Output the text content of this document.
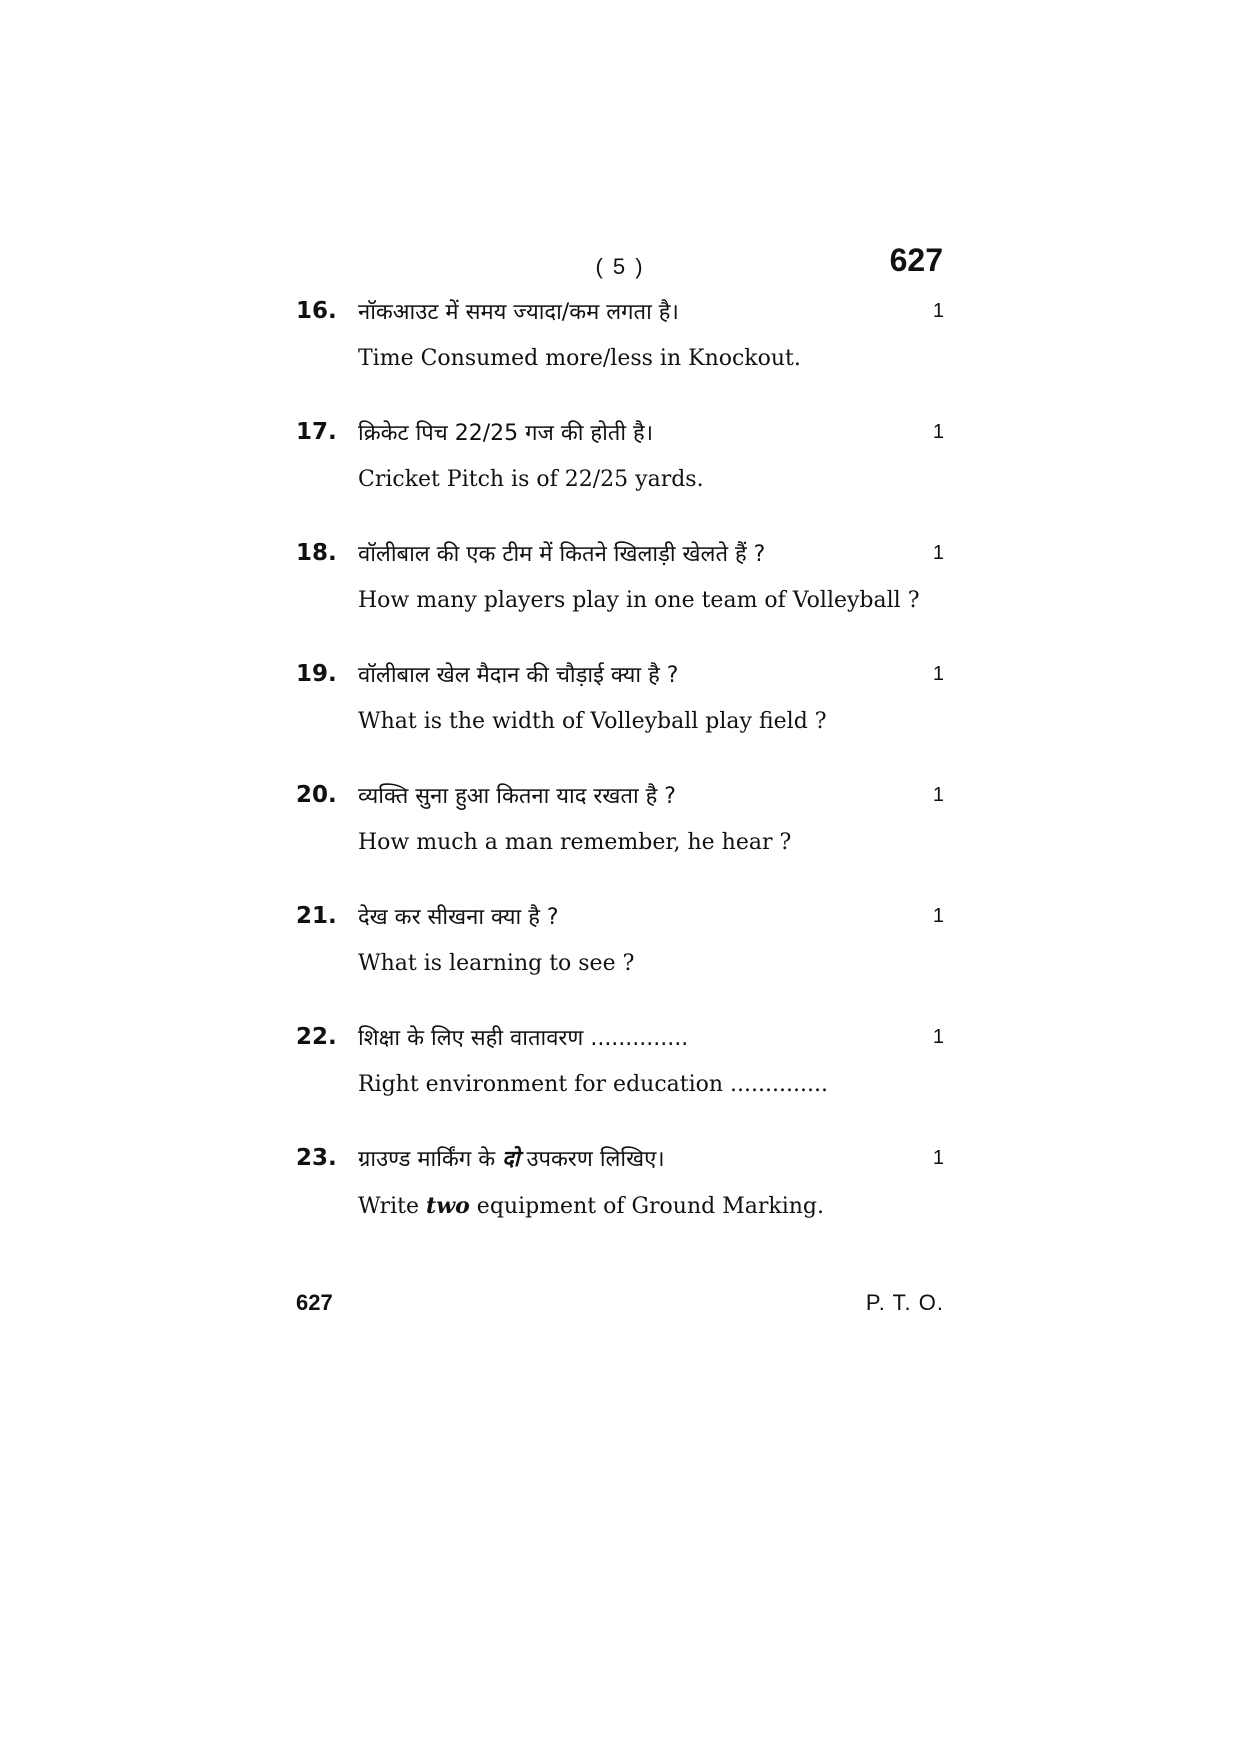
( 5 )	627
16. नॉकआउट में समय ज्यादा/कम लगता है।	1
Time Consumed more/less in Knockout.
17. क्रिकेट पिच 22/25 गज की होती है।	1
Cricket Pitch is of 22/25 yards.
18. वॉलीबाल की एक टीम में कितने खिलाड़ी खेलते हैं ?	1
How many players play in one team of Volleyball ?
19. वॉलीबाल खेल मैदान की चौड़ाई क्या है ?	1
What is the width of Volleyball play field ?
20. व्यक्ति सुना हुआ कितना याद रखता है ?	1
How much a man remember, he hear ?
21. देख कर सीखना क्या है ?	1
What is learning to see ?
22. शिक्षा के लिए सही वातावरण ..............	1
Right environment for education ..............
23. ग्राउण्ड मार्किंग के दो उपकरण लिखिए।	1
Write two equipment of Ground Marking.
627	P. T. O.
